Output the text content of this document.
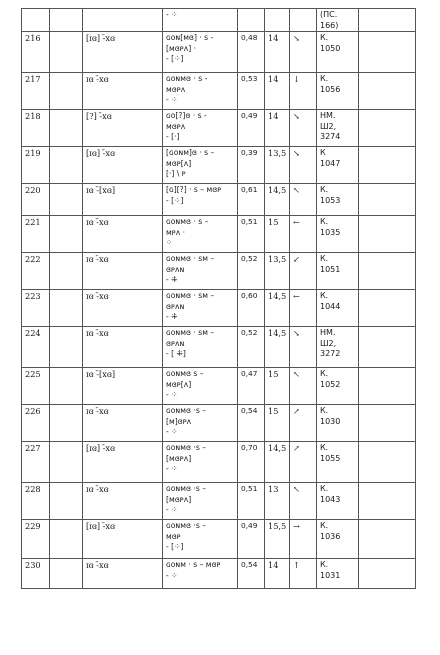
			- ⁘				(ПС.
166)	

216		[ɪɞ] -̄xɞ	ɢᴏɴ[ᴍɞ] · s -
[ᴍɞᴘʌ] ·
- [⁘]	0,48	14	↘	К.
1050	

217		ɪɞ -̄xɞ	ɢᴏɴᴍɞ · s -
ᴍɞᴘʌ
- ⁘	0,53	14	↓	К.
1056	

218		[?] -̄xɞ	ɢᴏ[?]ɞ · s -
ᴍɞᴘʌ
- [·]	0,49	14	↘	НМ.
Ш2,
3274	

219		[ɪɞ] -̄xɞ	[ɢᴏɴᴍ]ɞ · s –
ᴍɞᴘ[ʌ]
[·] \ ᴘ	0,39	13,5	↘	К
1047	

220		ɪɞ -̄[xɞ]	[ɢ][?] · s – ᴍɞᴘ
- [⁘]	0,61	14,5	↖	К.
1053	

221		ɪɞ -̄xɞ	ɢᴏɴᴍɞ · s –
ᴍᴘʌ ·
⁘	0,51	15	←	К.
1035	

222		ɪɞ -̄xɞ	ɢᴏɴᴍɞ · sᴍ –
ɞᴘʌɴ
- ⁜	0,52	13,5	↙	К.
1051	

223		ɪɞ -̄xɞ	ɢᴏɴᴍɞ · sᴍ –
ɞᴘʌɴ
- ⁜	0,60	14,5	←	К.
1044	

224		ɪɞ -̄xɞ	ɢᴏɴᴍɞ · sᴍ –
ɞᴘʌɴ
- [ ⁜]	0,52	14,5	↘	НМ.
Ш2,
3272	

225		ɪɞ -̄[xɞ]	ɢᴏɴᴍɞ ꜱ –
ᴍɞᴘ[ʌ]
- ⁘	0,47	15	↖	К.
1052	

226		ɪɞ -̄xɞ	ɢᴏɴᴍɞ ·ꜱ –
[ᴍ]ɞᴘʌ
- ⁘	0,54	15	↗	К.
1030	

227		[ɪɞ] -̄xɞ	ɢᴏɴᴍɞ ·ꜱ –
[ᴍɞᴘʌ]
- ⁘	0,70	14,5	↗	К.
1055	

228		ɪɞ -̄xɞ	ɢᴏɴᴍɞ ·ꜱ –
[ᴍɞᴘʌ]
- ⁘	0,51	13	↖	К.
1043	

229		[ɪɞ] -̄xɞ	ɢᴏɴᴍɞ ·ꜱ –
ᴍɞᴘ
- [⁘]	0,49	15,5	→	К.
1036	

230		ɪɞ -̄xɞ	ɢᴏɴᴍ · s – ᴍɞᴘ
- ⁘	0,54	14	↑	К.
1031	
